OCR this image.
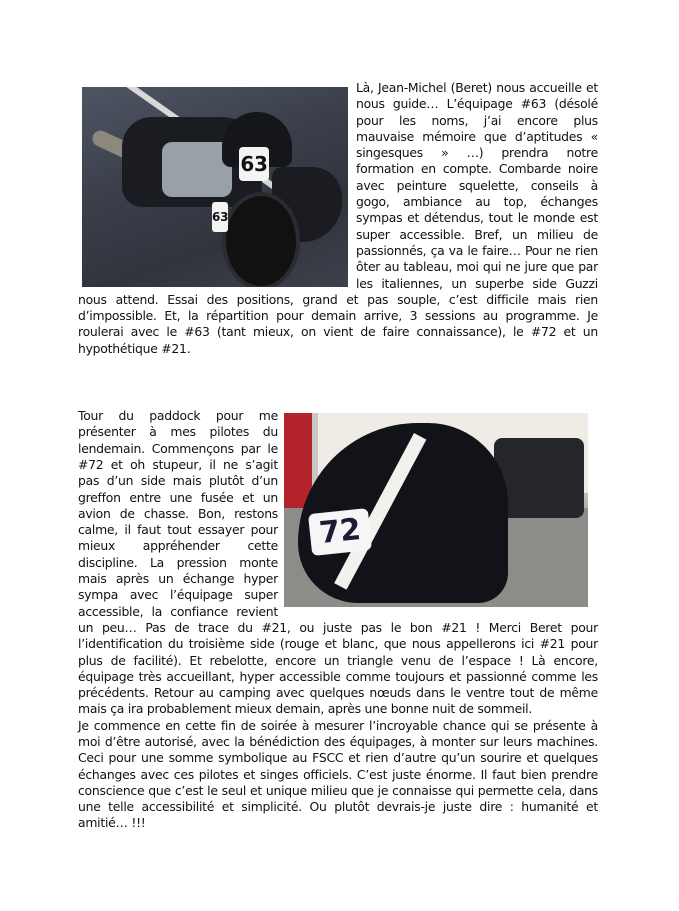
63
63

Là, Jean-Michel (Beret) nous accueille et nous guide… L’équipage #63 (désolé pour les noms, j’ai encore plus mauvaise mémoire que d’aptitudes « singesques » …) prendra notre formation en compte. Combarde noire avec peinture squelette, conseils à gogo, ambiance au top, échanges sympas et détendus, tout le monde est super accessible. Bref, un milieu de passionnés, ça va le faire… Pour ne rien ôter au tableau, moi qui ne jure que par les italiennes, un superbe side Guzzi nous attend. Essai des positions, grand et pas souple, c’est difficile mais rien d’impossible. Et, la répartition pour demain arrive, 3 sessions au programme. Je roulerai avec le #63 (tant mieux, on vient de faire connaissance), le #72 et un hypothétique #21.

72

Tour du paddock pour me présenter à mes pilotes du lendemain. Commençons par le #72 et oh stupeur, il ne s’agit pas d’un side mais plutôt d’un greffon entre une fusée et un avion de chasse. Bon, restons calme, il faut tout essayer pour mieux appréhender cette discipline. La pression monte mais après un échange hyper sympa avec l’équipage super accessible, la confiance revient un peu… Pas de trace du #21, ou juste pas le bon #21 ! Merci Beret pour l’identification du troisième side (rouge et blanc, que nous appellerons ici #21 pour plus de facilité). Et rebelotte, encore un triangle venu de l’espace ! Là encore, équipage très accueillant, hyper accessible comme toujours et passionné comme les précédents. Retour au camping avec quelques nœuds dans le ventre tout de même mais ça ira probablement mieux demain, après une bonne nuit de sommeil.

Je commence en cette fin de soirée à mesurer l’incroyable chance qui se présente à moi d’être autorisé, avec la bénédiction des équipages, à monter sur leurs machines. Ceci pour une somme symbolique au FSCC et rien d’autre qu’un sourire et quelques échanges avec ces pilotes et singes officiels. C’est juste énorme. Il faut bien prendre conscience que c’est le seul et unique milieu que je connaisse qui permette cela, dans une telle accessibilité et simplicité. Ou plutôt devrais-je juste dire : humanité et amitié… !!!
